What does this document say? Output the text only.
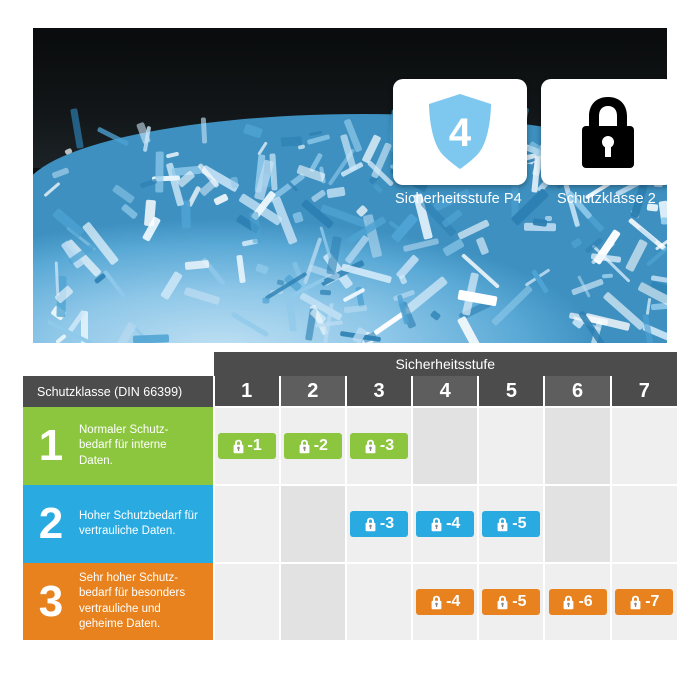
4
Sicherheitsstufe P4 Schutzklasse 2
	Sicherheitsstufe						
Schutzklasse (DIN 66399)	1	2	3	4	5	6	7

1 Normaler Schutz-
bedarf für interne
Daten.	-1	-2	-3				

2 Hoher Schutzbedarf für
vertrauliche Daten.			-3	-4	-5		

3 Sehr hoher Schutz-
bedarf für besonders
vertrauliche und
geheime Daten.				-4	-5	-6	-7
